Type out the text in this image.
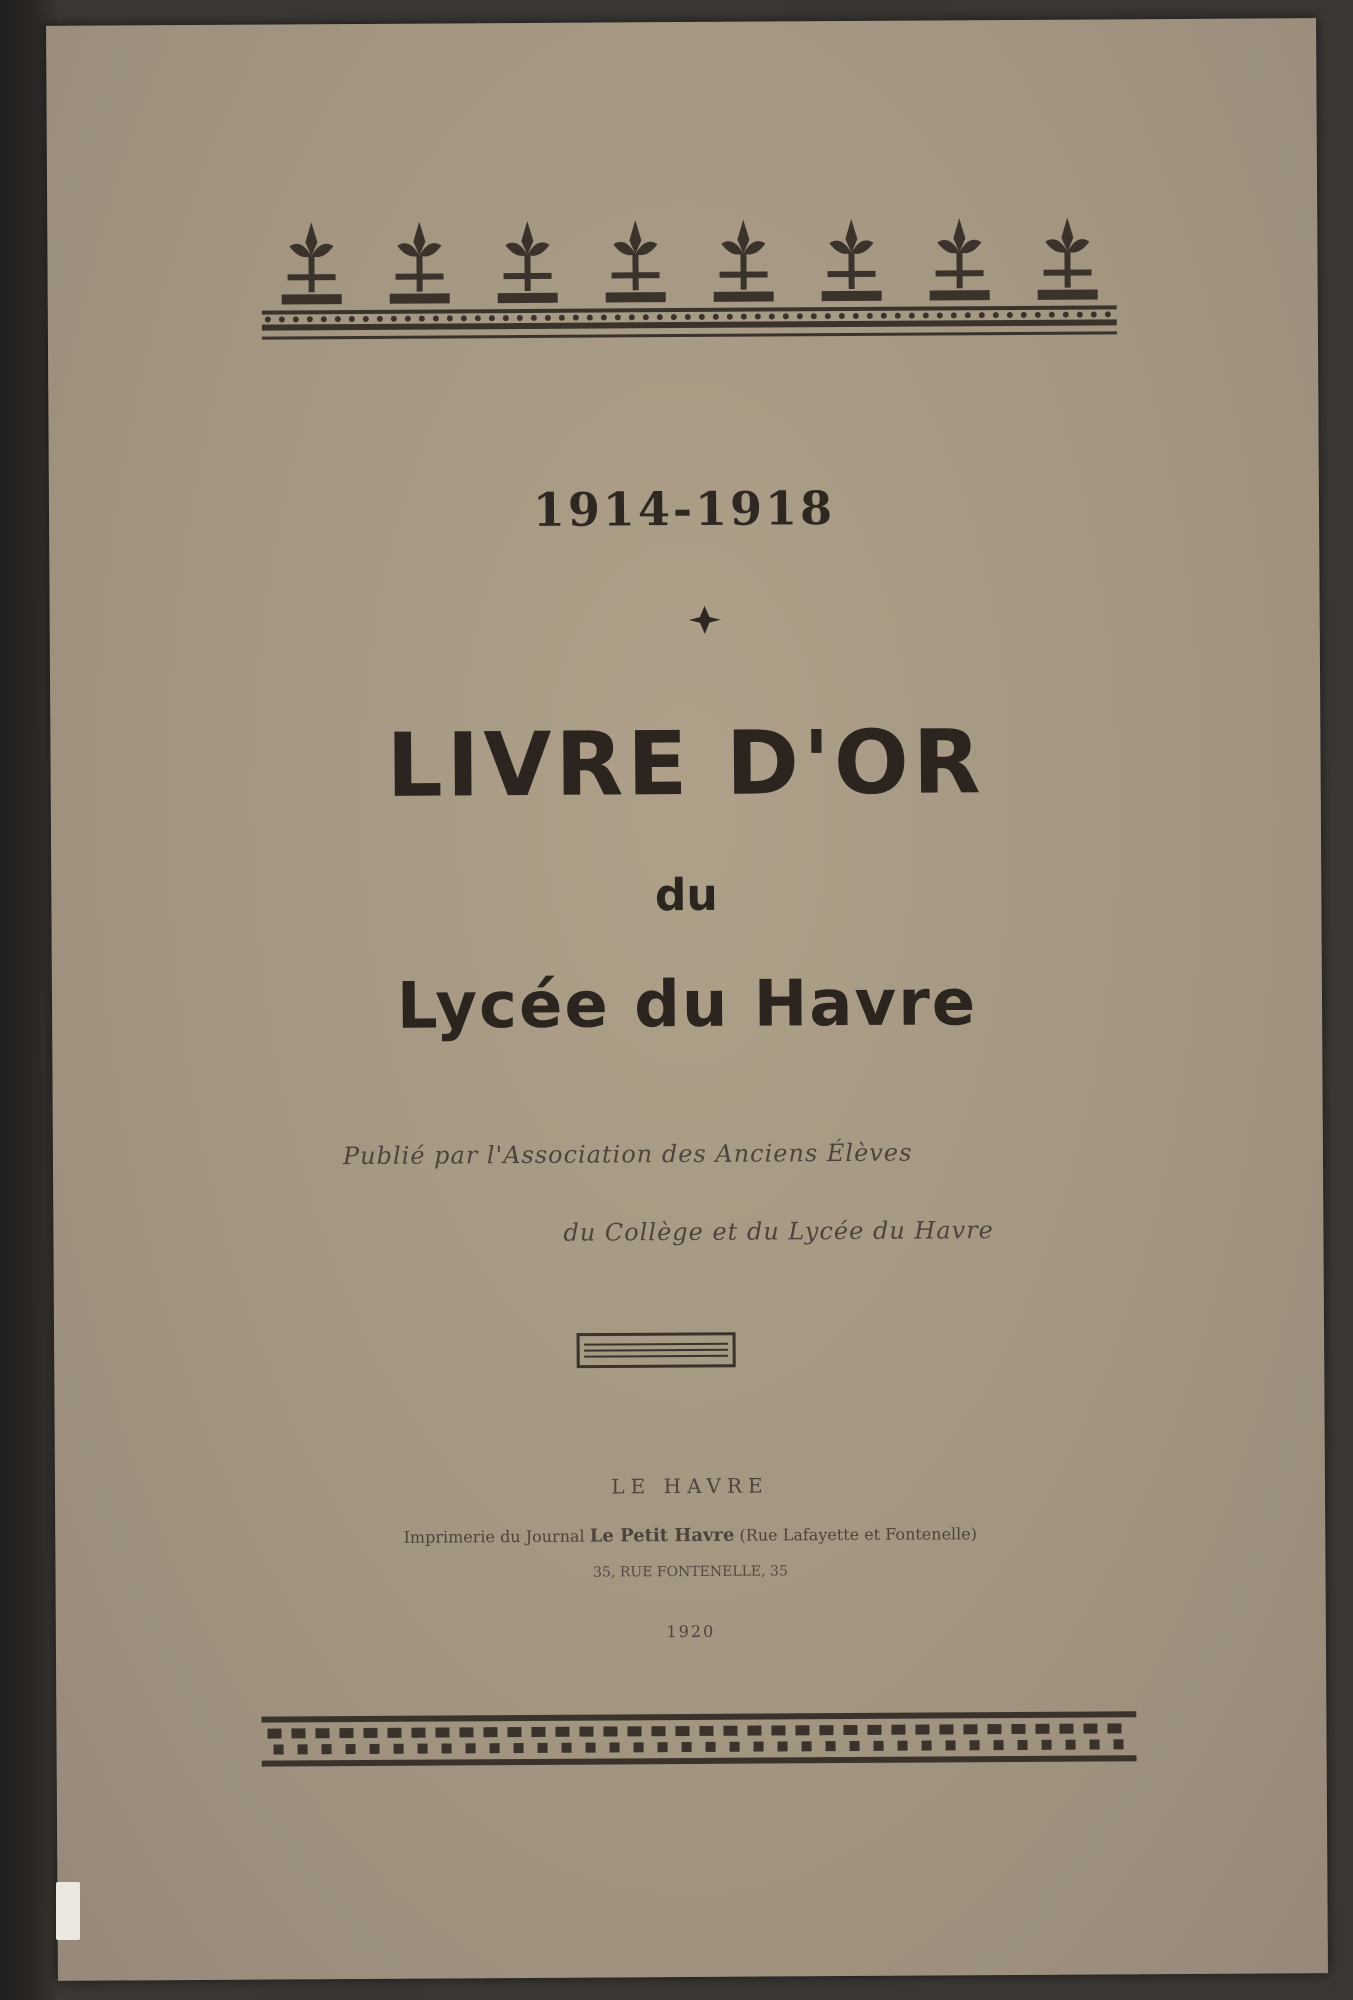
1914-1918
LIVRE D'OR
du
Lycée du Havre
Publié par l'Association des Anciens Élèves
du Collège et du Lycée du Havre
LE HAVRE
Imprimerie du Journal Le Petit Havre (Rue Lafayette et Fontenelle)
35, RUE FONTENELLE, 35
1920
